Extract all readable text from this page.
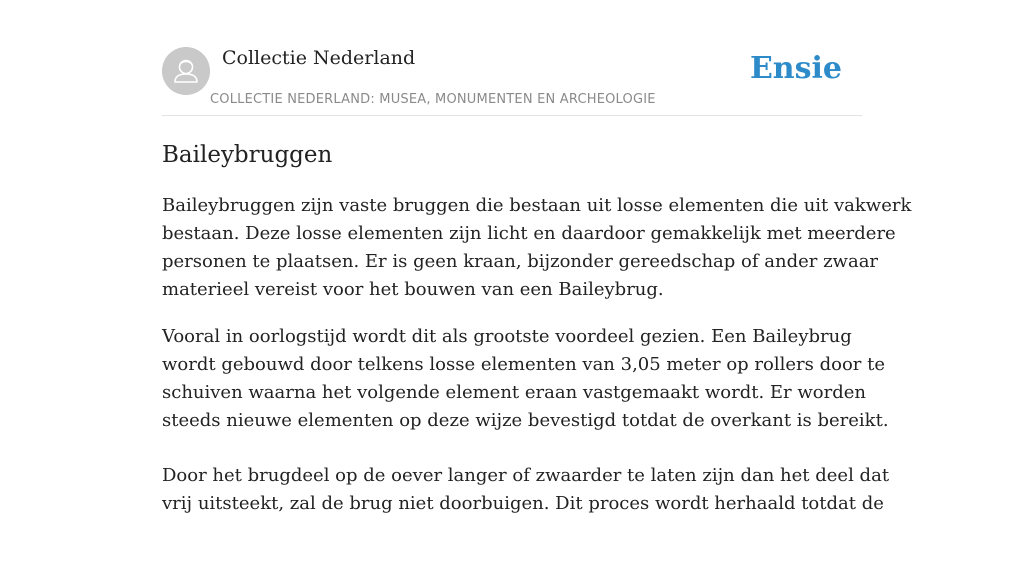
Collectie Nederland
COLLECTIE NEDERLAND: MUSEA, MONUMENTEN EN ARCHEOLOGIE
Ensie
Baileybruggen

Baileybruggen zijn vaste bruggen die bestaan uit losse elementen die uit vakwerk
bestaan. Deze losse elementen zijn licht en daardoor gemakkelijk met meerdere
personen te plaatsen. Er is geen kraan, bijzonder gereedschap of ander zwaar
materieel vereist voor het bouwen van een Baileybrug.

Vooral in oorlogstijd wordt dit als grootste voordeel gezien. Een Baileybrug
wordt gebouwd door telkens losse elementen van 3,05 meter op rollers door te
schuiven waarna het volgende element eraan vastgemaakt wordt. Er worden
steeds nieuwe elementen op deze wijze bevestigd totdat de overkant is bereikt.

Door het brugdeel op de oever langer of zwaarder te laten zijn dan het deel dat
vrij uitsteekt, zal de brug niet doorbuigen. Dit proces wordt herhaald totdat de
